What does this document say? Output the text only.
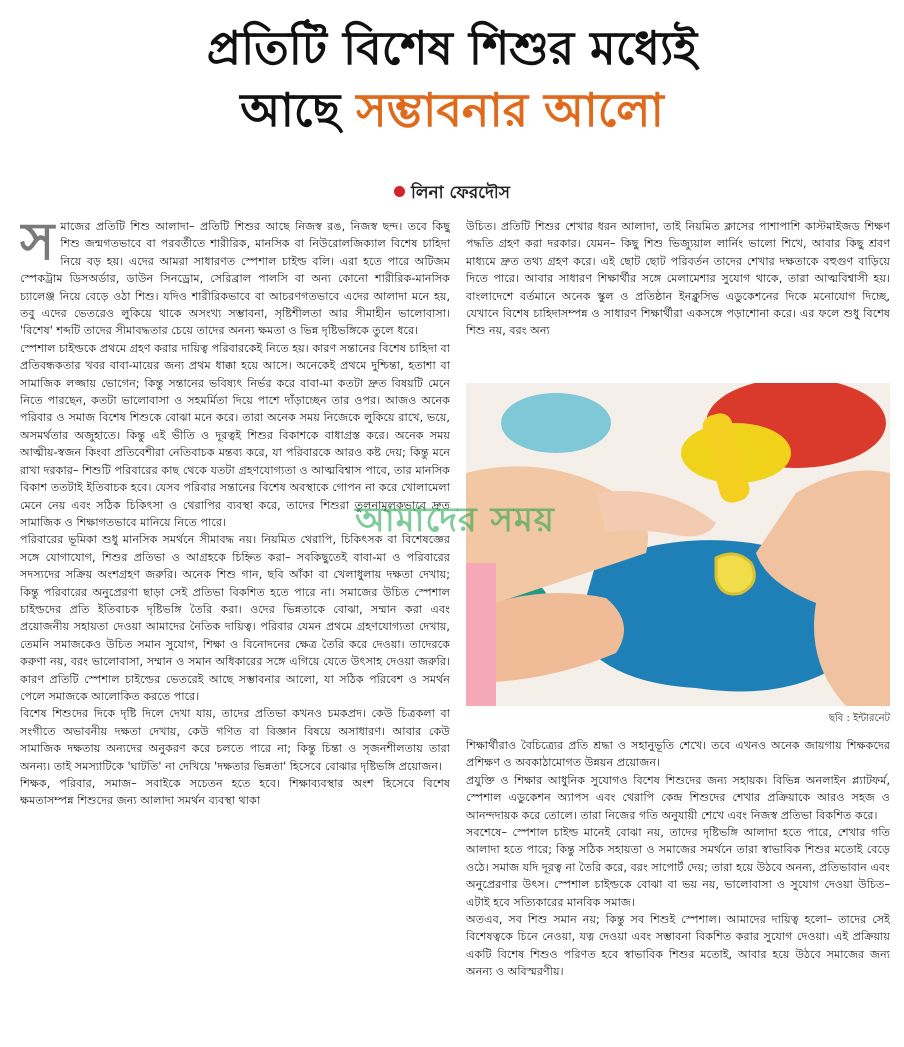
প্রতিটি বিশেষ শিশুর মধ্যেই
আছে সম্ভাবনার আলো
লিনা ফেরদৌস
স মাজের প্রতিটি শিশু আলাদা– প্রতিটি শিশুর আছে নিজস্ব রঙ, নিজস্ব ছন্দ। তবে কিছু শিশু জন্মগতভাবে বা পরবর্তীতে শারীরিক, মানসিক বা নিউরোলজিক্যাল বিশেষ চাহিদা নিয়ে বড় হয়। এদের আমরা সাধারণত স্পেশাল চাইল্ড বলি। এরা হতে পারে অটিজম স্পেকট্রাম ডিসঅর্ডার, ডাউন সিনড্রোম, সেরিব্রাল পালসি বা অন্য কোনো শারীরিক-মানসিক চ্যালেঞ্জ নিয়ে বেড়ে ওঠা শিশু। যদিও শারীরিকভাবে বা আচরণগতভাবে এদের আলাদা মনে হয়, তবু এদের ভেতরেও লুকিয়ে থাকে অসংখ্য সম্ভাবনা, সৃষ্টিশীলতা আর সীমাহীন ভালোবাসা। 'বিশেষ' শব্দটি তাদের সীমাবদ্ধতার চেয়ে তাদের অনন্য ক্ষমতা ও ভিন্ন দৃষ্টিভঙ্গিকে তুলে ধরে।

স্পেশাল চাইল্ডকে প্রথমে গ্রহণ করার দায়িত্ব পরিবারকেই নিতে হয়। কারণ সন্তানের বিশেষ চাহিদা বা প্রতিবন্ধকতার খবর বাবা-মায়ের জন্য প্রথম ধাক্কা হয়ে আসে। অনেকেই প্রথমে দুশ্চিন্তা, হতাশা বা সামাজিক লজ্জায় ভোগেন; কিন্তু সন্তানের ভবিষ্যৎ নির্ভর করে বাবা-মা কতটা দ্রুত বিষয়টি মেনে নিতে পারছেন, কতটা ভালোবাসা ও সহমর্মিতা দিয়ে পাশে দাঁড়াচ্ছেন তার ওপর। আজও অনেক পরিবার ও সমাজ বিশেষ শিশুকে বোঝা মনে করে। তারা অনেক সময় নিজেকে লুকিয়ে রাখে, ভয়ে, অসমর্থতার অজুহাতে। কিন্তু এই ভীতি ও দূরত্বই শিশুর বিকাশকে বাধাগ্রস্ত করে। অনেক সময় আত্মীয়-স্বজন কিংবা প্রতিবেশীরা নেতিবাচক মন্তব্য করে, যা পরিবারকে আরও কষ্ট দেয়; কিন্তু মনে রাখা দরকার– শিশুটি পরিবারের কাছ থেকে যতটা গ্রহণযোগ্যতা ও আত্মবিশ্বাস পাবে, তার মানসিক বিকাশ ততটাই ইতিবাচক হবে। যেসব পরিবার সন্তানের বিশেষ অবস্থাকে গোপন না করে খোলামেলা মেনে নেয় এবং সঠিক চিকিৎসা ও থেরাপির ব্যবস্থা করে, তাদের শিশুরা তুলনামূলকভাবে দ্রুত সামাজিক ও শিক্ষাগতভাবে মানিয়ে নিতে পারে।

পরিবারের ভূমিকা শুধু মানসিক সমর্থনে সীমাবদ্ধ নয়। নিয়মিত থেরাপি, চিকিৎসক বা বিশেষজ্ঞের সঙ্গে যোগাযোগ, শিশুর প্রতিভা ও আগ্রহকে চিহ্নিত করা– সবকিছুতেই বাবা-মা ও পরিবারের সদস্যদের সক্রিয় অংশগ্রহণ জরুরি। অনেক শিশু গান, ছবি আঁকা বা খেলাধুলায় দক্ষতা দেখায়; কিন্তু পরিবারের অনুপ্রেরণা ছাড়া সেই প্রতিভা বিকশিত হতে পারে না। সমাজের উচিত স্পেশাল চাইল্ডদের প্রতি ইতিবাচক দৃষ্টিভঙ্গি তৈরি করা। ওদের ভিন্নতাকে বোঝা, সম্মান করা এবং প্রয়োজনীয় সহায়তা দেওয়া আমাদের নৈতিক দায়িত্ব। পরিবার যেমন প্রথমে গ্রহণযোগ্যতা দেখায়, তেমনি সমাজকেও উচিত সমান সুযোগ, শিক্ষা ও বিনোদনের ক্ষেত্র তৈরি করে দেওয়া। তাদেরকে করুণা নয়, বরং ভালোবাসা, সম্মান ও সমান অধিকারের সঙ্গে এগিয়ে যেতে উৎসাহ দেওয়া জরুরি। কারণ প্রতিটি স্পেশাল চাইল্ডের ভেতরেই আছে সম্ভাবনার আলো, যা সঠিক পরিবেশ ও সমর্থন পেলে সমাজকে আলোকিত করতে পারে।

বিশেষ শিশুদের দিকে দৃষ্টি দিলে দেখা যায়, তাদের প্রতিভা কখনও চমকপ্রদ। কেউ চিত্রকলা বা সংগীতে অভাবনীয় দক্ষতা দেখায়, কেউ গণিত বা বিজ্ঞান বিষয়ে অসাধারণ। আবার কেউ সামাজিক দক্ষতায় অন্যদের অনুকরণ করে চলতে পারে না; কিন্তু চিন্তা ও সৃজনশীলতায় তারা অনন্য। তাই সমস্যাটিকে 'ঘাটতি' না দেখিয়ে 'দক্ষতার ভিন্নতা' হিসেবে বোঝার দৃষ্টিভঙ্গি প্রয়োজন।

শিক্ষক, পরিবার, সমাজ– সবাইকে সচেতন হতে হবে। শিক্ষাব্যবস্থার অংশ হিসেবে বিশেষ ক্ষমতাসম্পন্ন শিশুদের জন্য আলাদা সমর্থন ব্যবস্থা থাকা

উচিত। প্রতিটি শিশুর শেখার ধরন আলাদা, তাই নিয়মিত ক্লাসের পাশাপাশি কাস্টমাইজড শিক্ষণ পদ্ধতি গ্রহণ করা দরকার। যেমন– কিছু শিশু ভিজ্যুয়াল লার্নিং ভালো শিখে, আবার কিছু শ্রবণ মাধ্যমে দ্রুত তথ্য গ্রহণ করে। এই ছোট ছোট পরিবর্তন তাদের শেখার দক্ষতাকে বহুগুণ বাড়িয়ে দিতে পারে। আবার সাধারণ শিক্ষার্থীর সঙ্গে মেলামেশার সুযোগ থাকে, তারা আত্মবিশ্বাসী হয়। বাংলাদেশে বর্তমানে অনেক স্কুল ও প্রতিষ্ঠান ইনক্লুসিভ এডুকেশনের দিকে মনোযোগ দিচ্ছে, যেখানে বিশেষ চাহিদাসম্পন্ন ও সাধারণ শিক্ষার্থীরা একসঙ্গে পড়াশোনা করে। এর ফলে শুধু বিশেষ শিশু নয়, বরং অন্য

ছবি : ইন্টারনেট

শিক্ষার্থীরাও বৈচিত্র্যের প্রতি শ্রদ্ধা ও সহানুভূতি শেখে। তবে এখনও অনেক জায়গায় শিক্ষকদের প্রশিক্ষণ ও অবকাঠামোগত উন্নয়ন প্রয়োজন।

প্রযুক্তি ও শিক্ষার আধুনিক সুযোগও বিশেষ শিশুদের জন্য সহায়ক। বিভিন্ন অনলাইন প্ল্যাটফর্ম, স্পেশাল এডুকেশন অ্যাপস এবং থেরাপি কেন্দ্র শিশুদের শেখার প্রক্রিয়াকে আরও সহজ ও আনন্দদায়ক করে তোলে। তারা নিজের গতি অনুযায়ী শেখে এবং নিজস্ব প্রতিভা বিকশিত করে।

সবশেষে– স্পেশাল চাইল্ড মানেই বোঝা নয়, তাদের দৃষ্টিভঙ্গি আলাদা হতে পারে, শেখার গতি আলাদা হতে পারে; কিন্তু সঠিক সহায়তা ও সমাজের সমর্থনে তারা স্বাভাবিক শিশুর মতোই বেড়ে ওঠে। সমাজ যদি দূরত্ব না তৈরি করে, বরং সাপোর্ট দেয়; তারা হয়ে উঠবে অনন্য, প্রতিভাবান এবং অনুপ্রেরণার উৎস। স্পেশাল চাইল্ডকে বোঝা বা ভয় নয়, ভালোবাসা ও সুযোগ দেওয়া উচিত– এটাই হবে সত্যিকারের মানবিক সমাজ।

অতএব, সব শিশু সমান নয়; কিন্তু সব শিশুই স্পেশাল। আমাদের দায়িত্ব হলো– তাদের সেই বিশেষত্বকে চিনে নেওয়া, যত্ন দেওয়া এবং সম্ভাবনা বিকশিত করার সুযোগ দেওয়া। এই প্রক্রিয়ায় একটি বিশেষ শিশুও পরিণত হবে স্বাভাবিক শিশুর মতোই, আবার হয়ে উঠবে সমাজের জন্য অনন্য ও অবিস্মরণীয়।

আমাদের সময়
